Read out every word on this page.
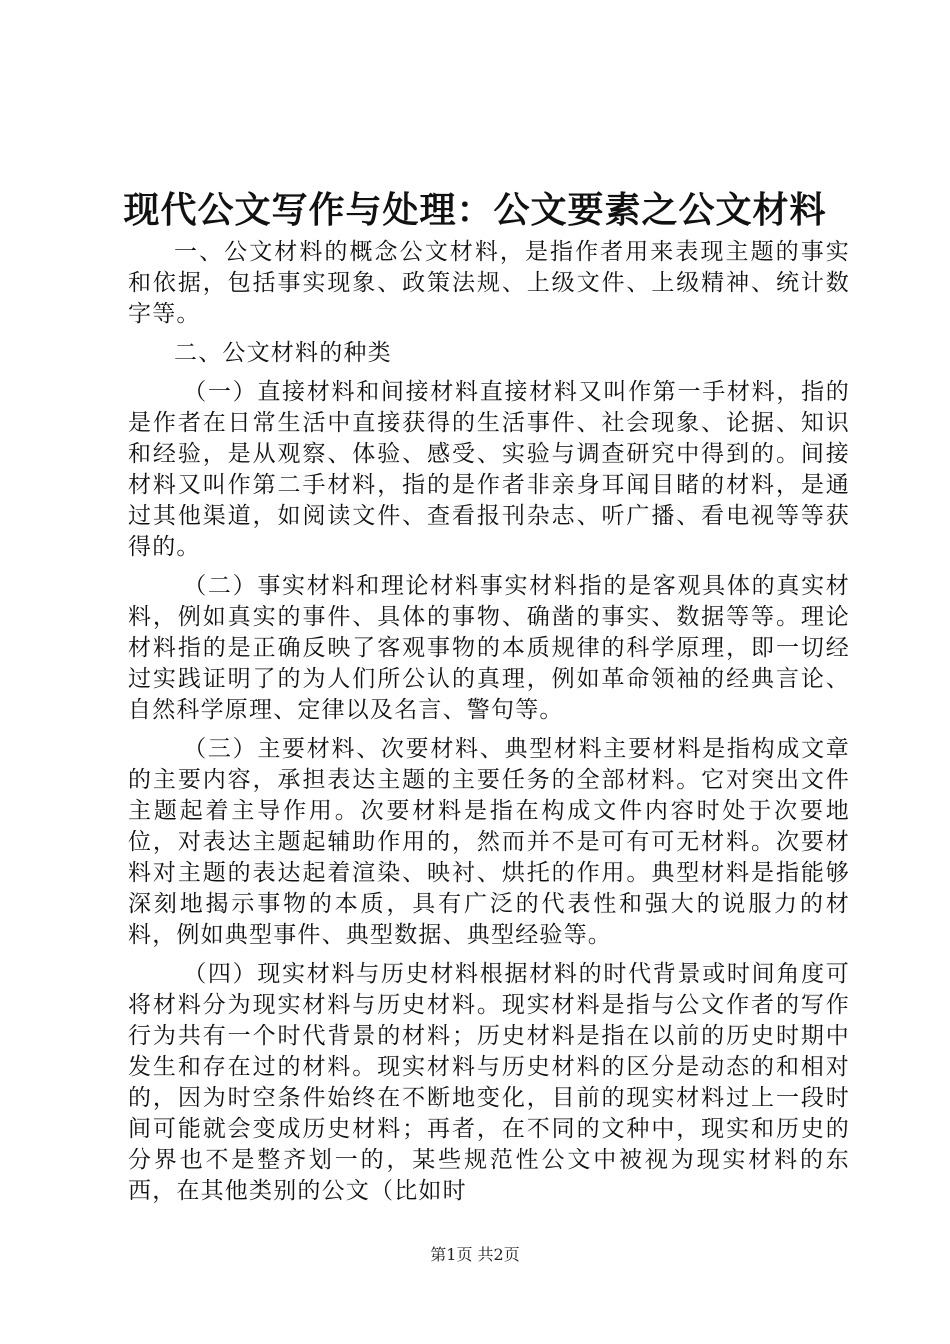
现代公文写作与处理：公文要素之公文材料

一、公文材料的概念公文材料，是指作者用来表现主题的事实和依据，包括事实现象、政策法规、上级文件、上级精神、统计数字等。

二、公文材料的种类

（一）直接材料和间接材料直接材料又叫作第一手材料，指的是作者在日常生活中直接获得的生活事件、社会现象、论据、知识和经验，是从观察、体验、感受、实验与调查研究中得到的。间接材料又叫作第二手材料，指的是作者非亲身耳闻目睹的材料，是通过其他渠道，如阅读文件、查看报刊杂志、听广播、看电视等等获得的。

（二）事实材料和理论材料事实材料指的是客观具体的真实材料，例如真实的事件、具体的事物、确凿的事实、数据等等。理论材料指的是正确反映了客观事物的本质规律的科学原理，即一切经过实践证明了的为人们所公认的真理，例如革命领袖的经典言论、自然科学原理、定律以及名言、警句等。

（三）主要材料、次要材料、典型材料主要材料是指构成文章的主要内容，承担表达主题的主要任务的全部材料。它对突出文件主题起着主导作用。次要材料是指在构成文件内容时处于次要地位，对表达主题起辅助作用的，然而并不是可有可无材料。次要材料对主题的表达起着渲染、映衬、烘托的作用。典型材料是指能够深刻地揭示事物的本质，具有广泛的代表性和强大的说服力的材料，例如典型事件、典型数据、典型经验等。

（四）现实材料与历史材料根据材料的时代背景或时间角度可将材料分为现实材料与历史材料。现实材料是指与公文作者的写作行为共有一个时代背景的材料；历史材料是指在以前的历史时期中发生和存在过的材料。现实材料与历史材料的区分是动态的和相对的，因为时空条件始终在不断地变化，目前的现实材料过上一段时间可能就会变成历史材料；再者，在不同的文种中，现实和历史的分界也不是整齐划一的，某些规范性公文中被视为现实材料的东西，在其他类别的公文（比如时

第1页 共2页
